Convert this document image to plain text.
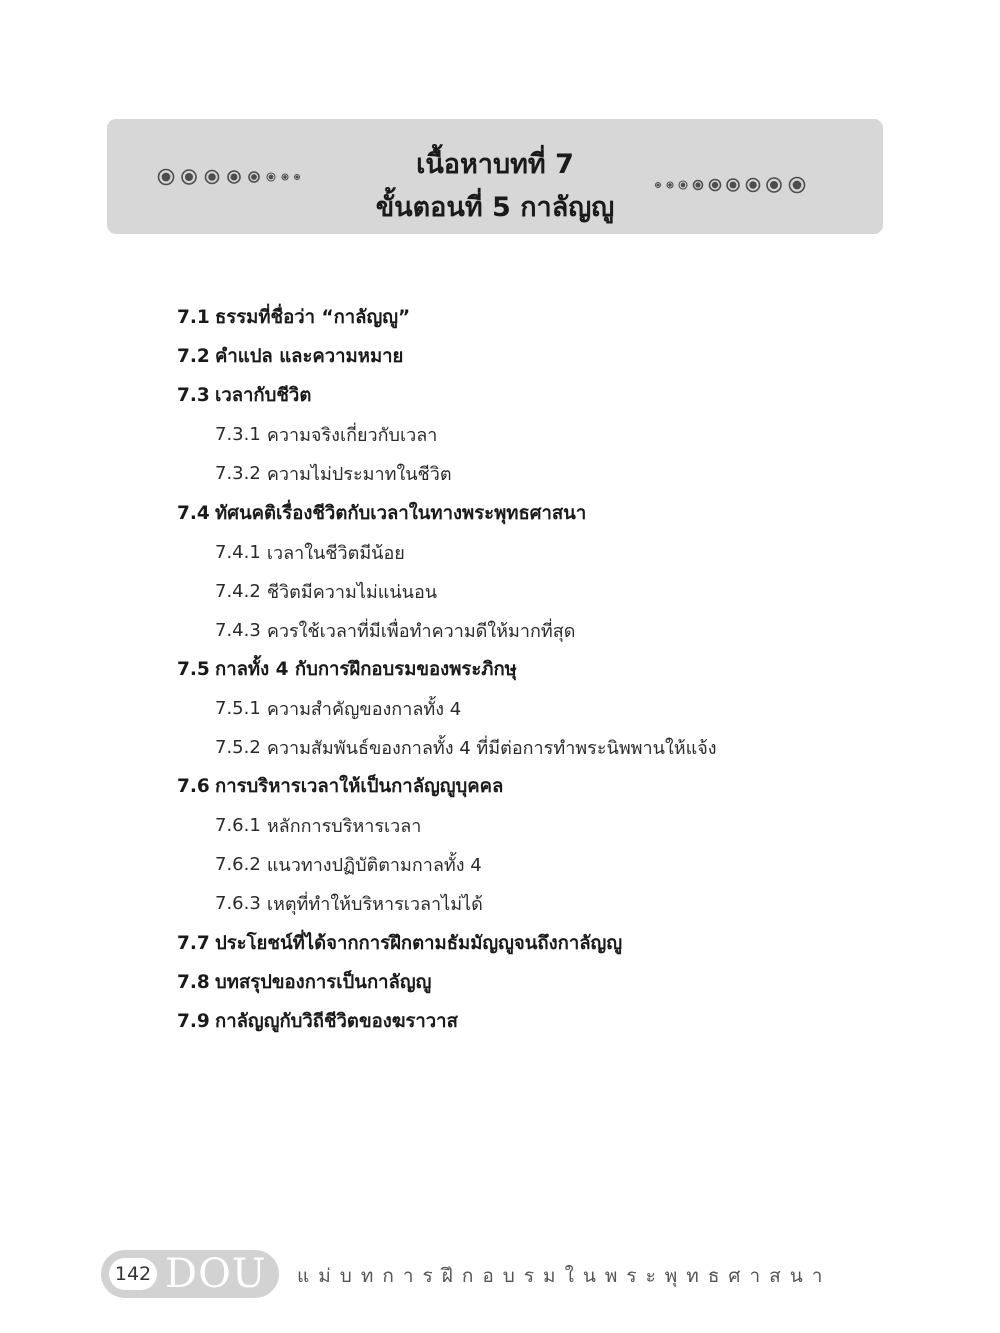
เนื้อหาบทที่ 7
ขั้นตอนที่ 5 กาลัญญู
7.1 ธรรมที่ชื่อว่า “กาลัญญู”
7.2 คำแปล และความหมาย
7.3 เวลากับชีวิต
7.3.1 ความจริงเกี่ยวกับเวลา
7.3.2 ความไม่ประมาทในชีวิต
7.4 ทัศนคติเรื่องชีวิตกับเวลาในทางพระพุทธศาสนา
7.4.1 เวลาในชีวิตมีน้อย
7.4.2 ชีวิตมีความไม่แน่นอน
7.4.3 ควรใช้เวลาที่มีเพื่อทำความดีให้มากที่สุด
7.5 กาลทั้ง 4 กับการฝึกอบรมของพระภิกษุ
7.5.1 ความสำคัญของกาลทั้ง 4
7.5.2 ความสัมพันธ์ของกาลทั้ง 4 ที่มีต่อการทำพระนิพพานให้แจ้ง
7.6 การบริหารเวลาให้เป็นกาลัญญูบุคคล
7.6.1 หลักการบริหารเวลา
7.6.2 แนวทางปฏิบัติตามกาลทั้ง 4
7.6.3 เหตุที่ทำให้บริหารเวลาไม่ได้
7.7 ประโยชน์ที่ได้จากการฝึกตามธัมมัญญูจนถึงกาลัญญู
7.8 บทสรุปของการเป็นกาลัญญู
7.9 กาลัญญูกับวิถีชีวิตของฆราวาส
142 DOU แม่บทการฝึกอบรมในพระพุทธศาสนา
